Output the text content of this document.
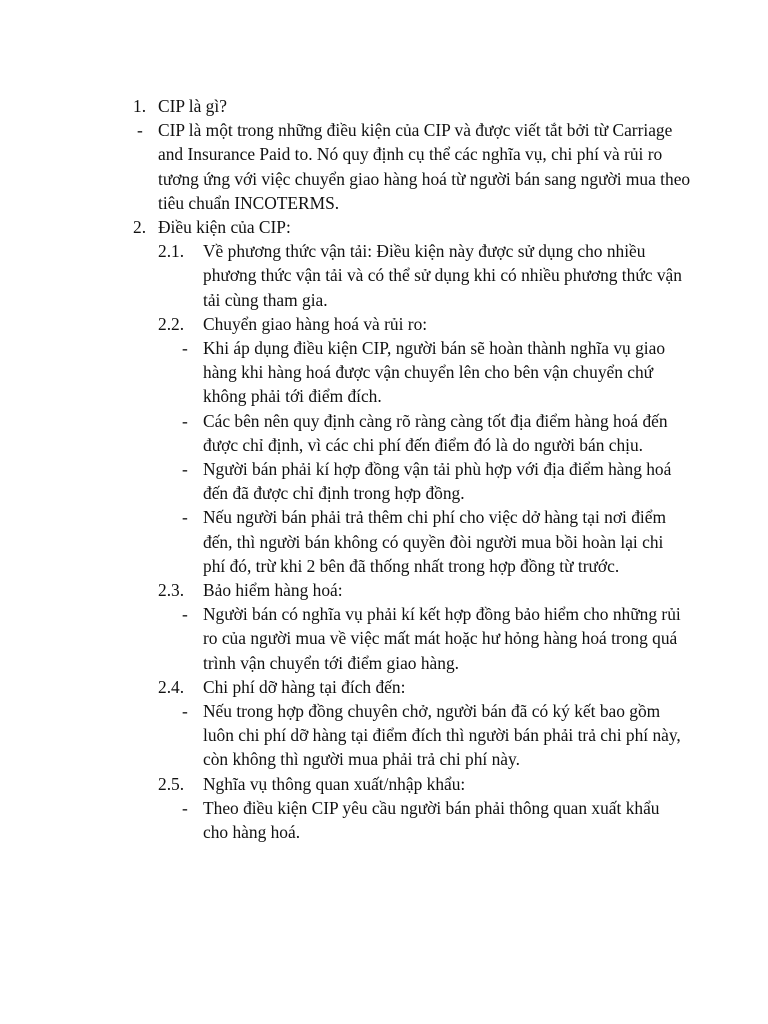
1. CIP là gì?
- CIP là một trong những điều kiện của CIP và được viết tắt bởi từ Carriage and Insurance Paid to. Nó quy định cụ thể các nghĩa vụ, chi phí và rủi ro tương ứng với việc chuyển giao hàng hoá từ người bán sang người mua theo tiêu chuẩn INCOTERMS.
2. Điều kiện của CIP:
2.1. Về phương thức vận tải: Điều kiện này được sử dụng cho nhiều phương thức vận tải và có thể sử dụng khi có nhiều phương thức vận tải cùng tham gia.
2.2. Chuyển giao hàng hoá và rủi ro:
- Khi áp dụng điều kiện CIP, người bán sẽ hoàn thành nghĩa vụ giao hàng khi hàng hoá được vận chuyển lên cho bên vận chuyển chứ không phải tới điểm đích.
- Các bên nên quy định càng rõ ràng càng tốt địa điểm hàng hoá đến được chỉ định, vì các chi phí đến điểm đó là do người bán chịu.
- Người bán phải kí hợp đồng vận tải phù hợp với địa điểm hàng hoá đến đã được chỉ định trong hợp đồng.
- Nếu người bán phải trả thêm chi phí cho việc dở hàng tại nơi điểm đến, thì người bán không có quyền đòi người mua bồi hoàn lại chi phí đó, trừ khi 2 bên đã thống nhất trong hợp đồng từ trước.
2.3. Bảo hiểm hàng hoá:
- Người bán có nghĩa vụ phải kí kết hợp đồng bảo hiểm cho những rủi ro của người mua về việc mất mát hoặc hư hỏng hàng hoá trong quá trình vận chuyển tới điểm giao hàng.
2.4. Chi phí dỡ hàng tại đích đến:
- Nếu trong hợp đồng chuyên chở, người bán đã có ký kết bao gồm luôn chi phí dỡ hàng tại điểm đích thì người bán phải trả chi phí này, còn không thì người mua phải trả chi phí này.
2.5. Nghĩa vụ thông quan xuất/nhập khẩu:
- Theo điều kiện CIP yêu cầu người bán phải thông quan xuất khẩu cho hàng hoá.
